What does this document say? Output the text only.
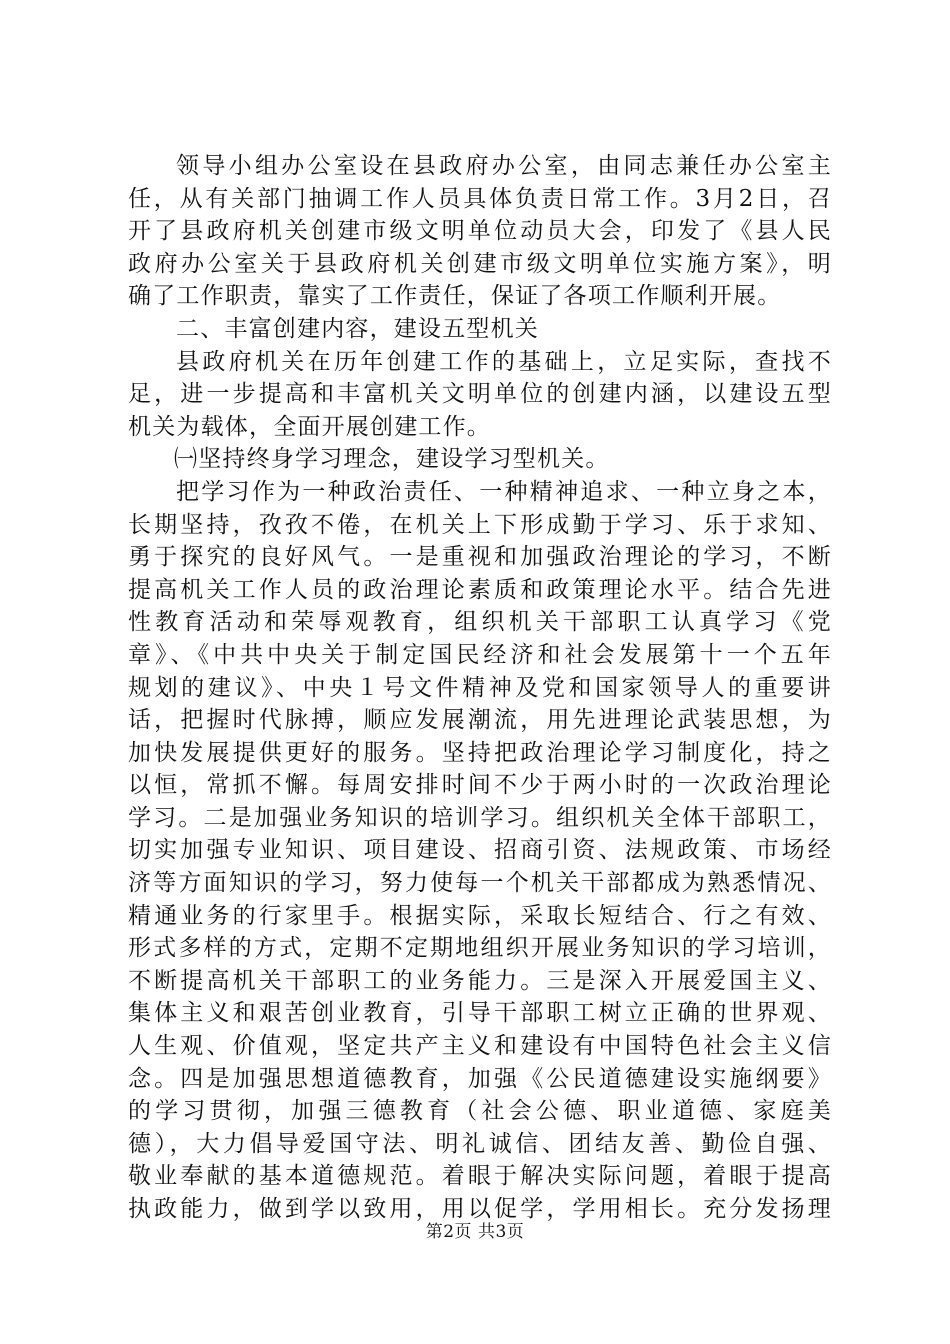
领导小组办公室设在县政府办公室，由同志兼任办公室主
任，从有关部门抽调工作人员具体负责日常工作。3月2日，召
开了县政府机关创建市级文明单位动员大会，印发了《县人民
政府办公室关于县政府机关创建市级文明单位实施方案》，明
确了工作职责，靠实了工作责任，保证了各项工作顺利开展。
二、丰富创建内容，建设五型机关
县政府机关在历年创建工作的基础上，立足实际，查找不
足，进一步提高和丰富机关文明单位的创建内涵，以建设五型
机关为载体，全面开展创建工作。
㈠坚持终身学习理念，建设学习型机关。
把学习作为一种政治责任、一种精神追求、一种立身之本，
长期坚持，孜孜不倦，在机关上下形成勤于学习、乐于求知、
勇于探究的良好风气。一是重视和加强政治理论的学习，不断
提高机关工作人员的政治理论素质和政策理论水平。结合先进
性教育活动和荣辱观教育，组织机关干部职工认真学习《党
章》、《中共中央关于制定国民经济和社会发展第十一个五年
规划的建议》、中央１号文件精神及党和国家领导人的重要讲
话，把握时代脉搏，顺应发展潮流，用先进理论武装思想，为
加快发展提供更好的服务。坚持把政治理论学习制度化，持之
以恒，常抓不懈。每周安排时间不少于两小时的一次政治理论
学习。二是加强业务知识的培训学习。组织机关全体干部职工，
切实加强专业知识、项目建设、招商引资、法规政策、市场经
济等方面知识的学习，努力使每一个机关干部都成为熟悉情况、
精通业务的行家里手。根据实际，采取长短结合、行之有效、
形式多样的方式，定期不定期地组织开展业务知识的学习培训，
不断提高机关干部职工的业务能力。三是深入开展爱国主义、
集体主义和艰苦创业教育，引导干部职工树立正确的世界观、
人生观、价值观，坚定共产主义和建设有中国特色社会主义信
念。四是加强思想道德教育，加强《公民道德建设实施纲要》
的学习贯彻，加强三德教育（社会公德、职业道德、家庭美
德），大力倡导爱国守法、明礼诚信、团结友善、勤俭自强、
敬业奉献的基本道德规范。着眼于解决实际问题，着眼于提高
执政能力，做到学以致用，用以促学，学用相长。充分发扬理
第2页 共3页
